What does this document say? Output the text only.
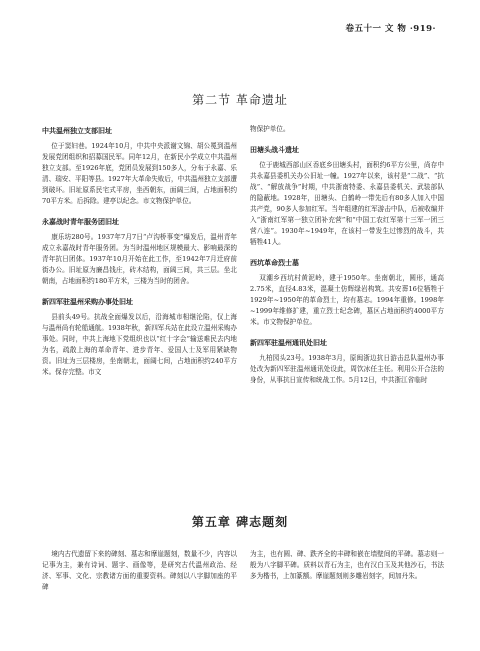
卷五十一 文 物 ·919·
第二节 革命遗址
中共温州独立支部旧址
位于窦妇巷。1924年10月，中共中央派谢文锦、胡公冕到温州发展党团组织和招募国民军。同年12月，在新民小学成立中共温州独立支部。至1926年底，党团员发展到150多人，分布于永嘉、乐清、瑞安、平阳等县。1927年大革命失败后，中共温州独立支部遭到破坏。旧址原系民宅式平房，坐西朝东，面阔三间，占地面积约70平方米。后拆除。建亭以纪念。市文物保护单位。
永嘉战时青年服务团旧址
康乐坊280号。1937年7月7日“卢沟桥事变”爆发后，温州青年成立永嘉战时青年服务团。为当时温州地区规模最大、影响最深的青年抗日团体。1937年10月开始在此工作，至1942年7月迁府前街办公。旧址原为廉昌钱庄，砖木结构，面阔三间，共三层。坐北朝南，占地面积约180平方米，三楼为当时的团舍。
新四军驻温州采购办事处旧址
县前头49号。抗战全面爆发以后，沿海城市相继沦陷，仅上海与温州尚有轮船通航。1938年秋，新四军兵站在此设立温州采购办事处。同时，中共上海地下党组织也以“红十字会”输送难民去内地为名，疏散上海的革命青年、进步青年、爱国人士及军用紧缺物资。旧址为三层楼房，坐南朝北，面阔七间，占地面积约240平方米。保存完整。市文
物保护单位。
田塘头战斗遗址
位于鹿城西部山区岙底乡田塘头村，面积约6平方公里，尚存中共永嘉县委机关办公旧址一幢。1927年以来，该村是“二战”、“抗战”、“解放战争”时期，中共浙南特委、永嘉县委机关、武装部队的隐蔽地。1928年，田塘头、白鹤岭一带先后有80多人加入中国共产党，90多人参加红军。当年组建的红军游击中队，后被收编并入“浙南红军第一独立团补充营”和“中国工农红军第十三军一团三营八连”。1930年~1949年，在该村一带发生过惨烈的战斗，共牺牲41人。
西坑革命烈士墓
双潮乡西坑村黄泥岭，建于1950年。坐南朝北，圆形，通高2.75米，直径4.83米，混凝土仿辉绿岩构筑。共安葬16位牺牲于1929年~1950年的革命烈士，均有墓志。1994年重修。1998年~1999年维修扩建，重立烈士纪念碑，墓区占地面积约4000平方米。市文物保护单位。
新四军驻温州通讯处旧址
九柏园头23号。1938年3月，原闽浙边抗日游击总队温州办事处改为新四军驻温州通讯处设此，周饮冰任主任。利用公开合法的身份，从事抗日宣传和统战工作。5月12日，中共浙江省临时
第五章 碑志题刻
境内古代遗留下来的碑刻、墓志和摩崖题刻，数量不少，内容以记事为主，兼有诗词、题字、画像等，是研究古代温州政治、经济、军事、文化、宗教诸方面的重要资料。碑刻以八字脚加座的平碑
为主，也有圆、碑、跌齐全的丰碑和嵌在墙壁间的平碑。墓志则一般为八字脚平碑。质料以青石为主，也有汉白玉及其他沙石，书法多为楷书，上加篆额。摩崖题刻则多雕岩刻字，间加丹朱。
